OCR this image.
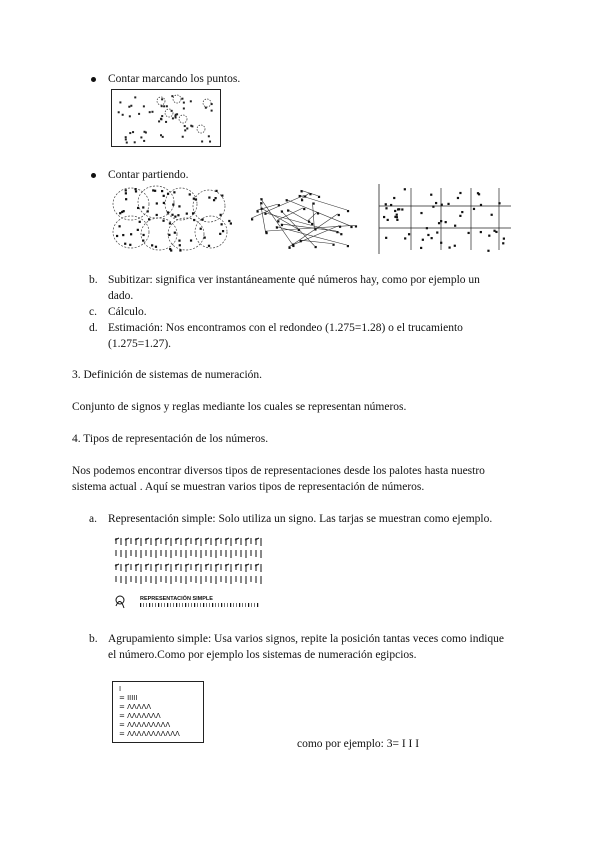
Contar marcando los puntos.
Contar partiendo.
b. Subitizar: significa ver instantáneamente qué números hay, como por ejemplo un
dado.
c. Cálculo.
d. Estimación: Nos encontramos con el redondeo (1.275=1.28) o el trucamiento
(1.275=1.27).
3. Definición de sistemas de numeración.
Conjunto de signos y reglas mediante los cuales se representan números.
4. Tipos de representación de los números.
Nos podemos encontrar diversos tipos de representaciones desde los palotes hasta nuestro
sistema actual . Aquí se muestran varios tipos de representación de números.
a. Representación simple: Solo utiliza un signo. Las tarjas se muestran como ejemplo.
REPRESENTACIÓN SIMPLE
b. Agrupamiento simple: Usa varios signos, repite la posición tantas veces como indique
el número.Como por ejemplo los sistemas de numeración egipcios.
I
= IIIII
= ΛΛΛΛΛ
= ΛΛΛΛΛΛΛ
= ΛΛΛΛΛΛΛΛΛ
= ΛΛΛΛΛΛΛΛΛΛΛ
como por ejemplo: 3= I I I
